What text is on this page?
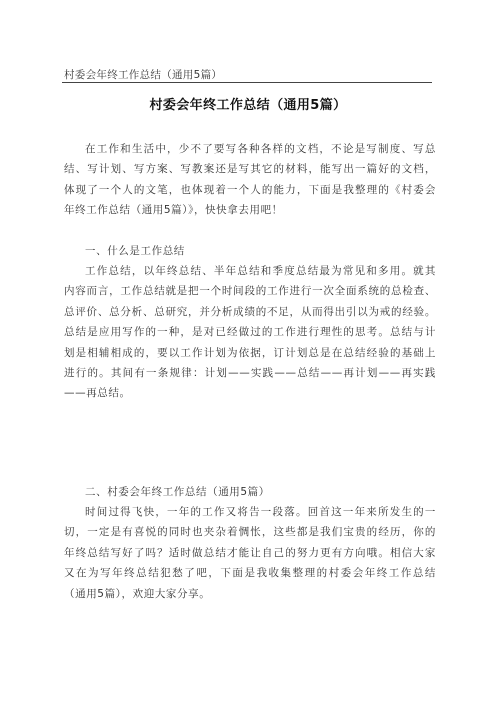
村委会年终工作总结（通用5篇）
村委会年终工作总结（通用5篇）
在工作和生活中，少不了要写各种各样的文档，不论是写制度、写总
结、写计划、写方案、写教案还是写其它的材料，能写出一篇好的文档，
体现了一个人的文笔，也体现着一个人的能力，下面是我整理的《村委会
年终工作总结（通用5篇）》，快快拿去用吧！
一、什么是工作总结
工作总结，以年终总结、半年总结和季度总结最为常见和多用。就其
内容而言，工作总结就是把一个时间段的工作进行一次全面系统的总检查、
总评价、总分析、总研究，并分析成绩的不足，从而得出引以为戒的经验。
总结是应用写作的一种，是对已经做过的工作进行理性的思考。总结与计
划是相辅相成的，要以工作计划为依据，订计划总是在总结经验的基础上
进行的。其间有一条规律：计划——实践——总结——再计划——再实践
——再总结。
二、村委会年终工作总结（通用5篇）
时间过得飞快，一年的工作又将告一段落。回首这一年来所发生的一
切，一定是有喜悦的同时也夹杂着惆怅，这些都是我们宝贵的经历，你的
年终总结写好了吗？适时做总结才能让自己的努力更有方向哦。相信大家
又在为写年终总结犯愁了吧，下面是我收集整理的村委会年终工作总结
（通用5篇），欢迎大家分享。
